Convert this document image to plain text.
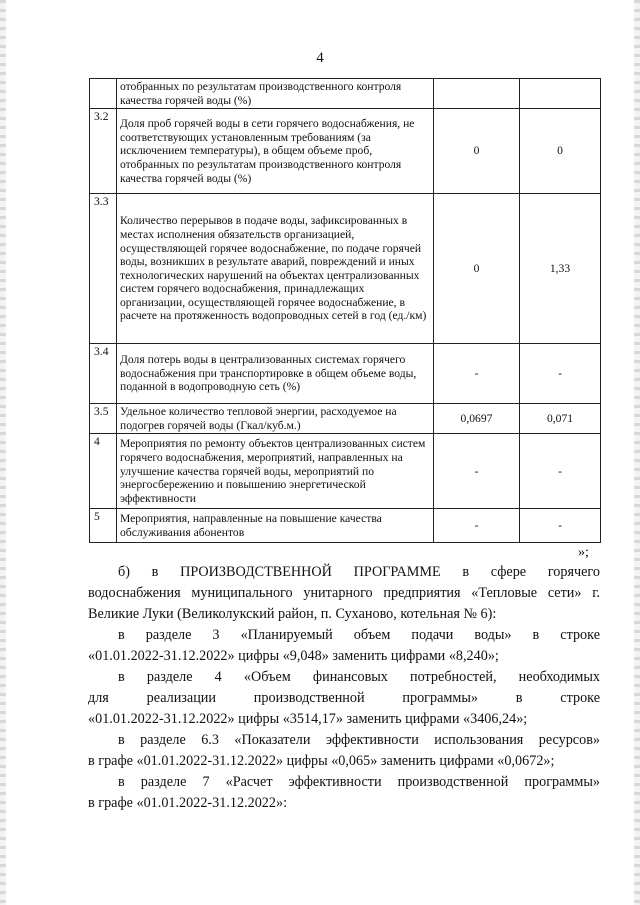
4
	отобранных по результатам производственного контроля качества горячей воды (%)		
3.2	Доля проб горячей воды в сети горячего водоснабжения, не соответствующих установленным требованиям (за исключением температуры), в общем объеме проб, отобранных по результатам производственного контроля качества горячей воды (%)	0	0
3.3	Количество перерывов в подаче воды, зафиксированных в местах исполнения обязательств организацией, осуществляющей горячее водоснабжение, по подаче горячей воды, возникших в результате аварий, повреждений и иных технологических нарушений на объектах централизованных систем горячего водоснабжения, принадлежащих организации, осуществляющей горячее водоснабжение, в расчете на протяженность водопроводных сетей в год (ед./км)	0	1,33
3.4	Доля потерь воды в централизованных системах горячего водоснабжения при транспортировке в общем объеме воды, поданной в водопроводную сеть (%)	-	-
3.5	Удельное количество тепловой энергии, расходуемое на подогрев горячей воды (Гкал/куб.м.)	0,0697	0,071
4	Мероприятия по ремонту объектов централизованных систем горячего водоснабжения, мероприятий, направленных на улучшение качества горячей воды, мероприятий по энергосбережению и повышению энергетической эффективности	-	-
5	Мероприятия, направленные на повышение качества обслуживания абонентов	-	-
»;

б) в ПРОИЗВОДСТВЕННОЙ ПРОГРАММЕ в сфере горячего

водоснабжения муниципального унитарного предприятия «Тепловые сети» г. Великие Луки (Великолукский район, п. Суханово, котельная № 6):

в разделе 3 «Планируемый объем подачи воды» в строке

«01.01.2022-31.12.2022» цифры «9,048» заменить цифрами «8,240»;

в разделе 4 «Объем финансовых потребностей, необходимых

для реализации производственной программы» в строке

«01.01.2022-31.12.2022» цифры «3514,17» заменить цифрами «3406,24»;

в разделе 6.3 «Показатели эффективности использования ресурсов»

в графе «01.01.2022-31.12.2022» цифры «0,065» заменить цифрами «0,0672»;

в разделе 7 «Расчет эффективности производственной программы»

в графе «01.01.2022-31.12.2022»:
